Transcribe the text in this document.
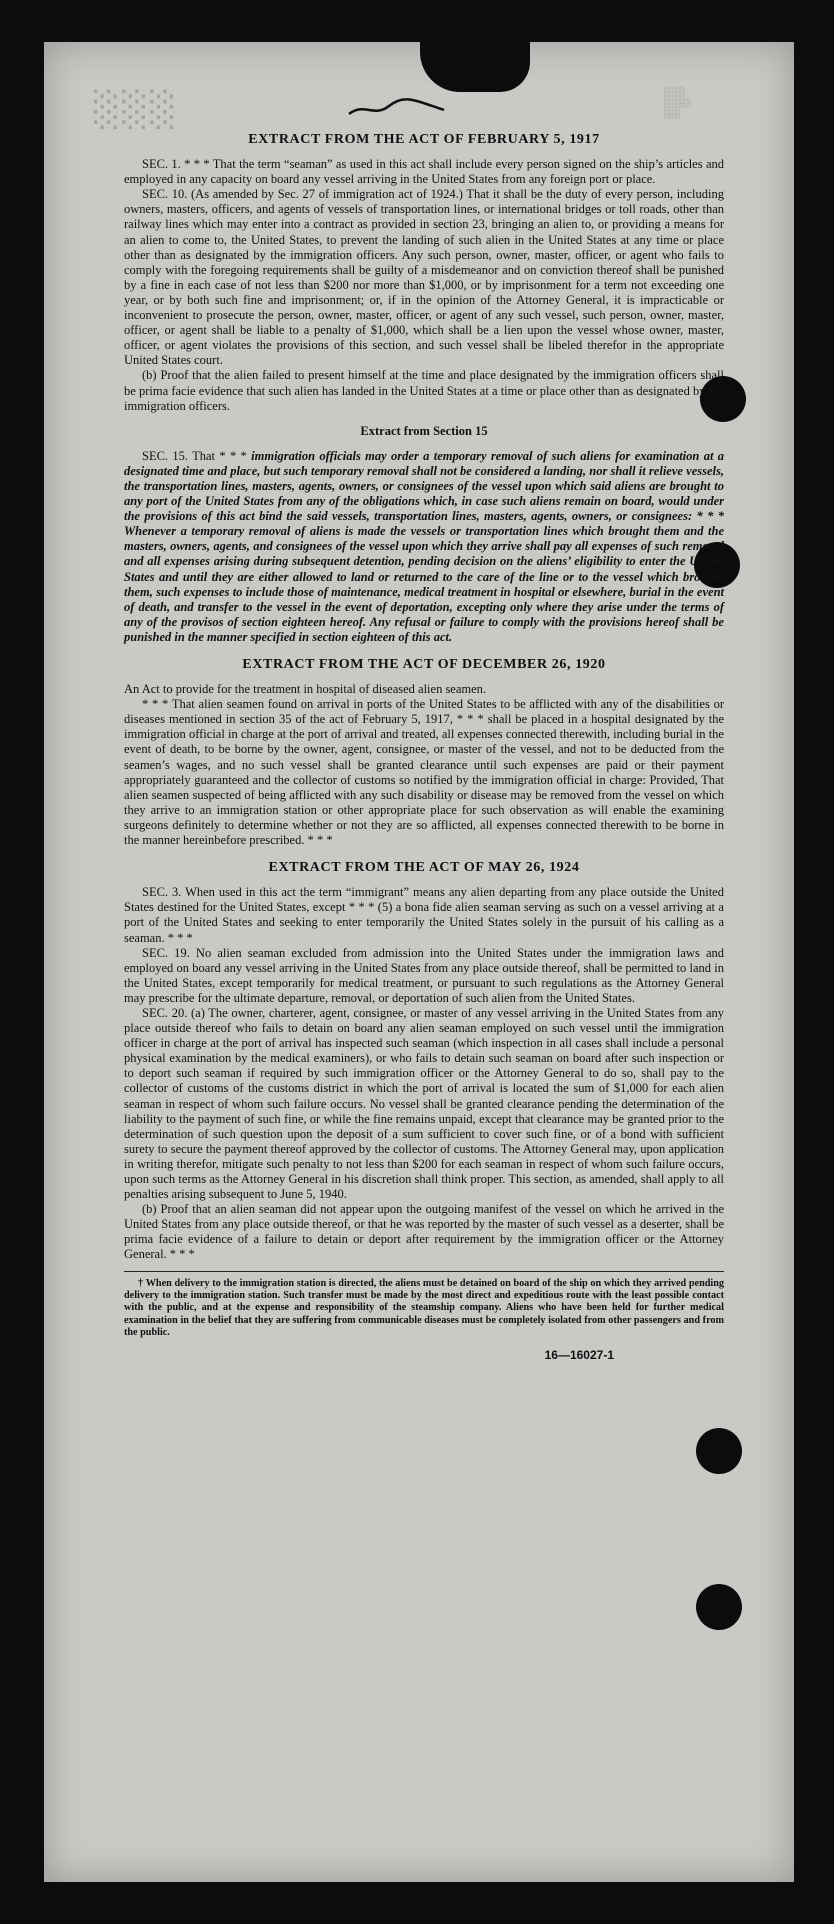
░░░	░░░░
░░░░░
░░░
EXTRACT FROM THE ACT OF FEBRUARY 5, 1917

SEC. 1. * * * That the term “seaman” as used in this act shall include every person signed on the ship’s articles and employed in any capacity on board any vessel arriving in the United States from any foreign port or place.

SEC. 10. (As amended by Sec. 27 of immigration act of 1924.) That it shall be the duty of every person, including owners, masters, officers, and agents of vessels of transportation lines, or international bridges or toll roads, other than railway lines which may enter into a contract as provided in section 23, bringing an alien to, or providing a means for an alien to come to, the United States, to prevent the landing of such alien in the United States at any time or place other than as designated by the immigration officers. Any such person, owner, master, officer, or agent who fails to comply with the foregoing requirements shall be guilty of a misdemeanor and on conviction thereof shall be punished by a fine in each case of not less than $200 nor more than $1,000, or by imprisonment for a term not exceeding one year, or by both such fine and imprisonment; or, if in the opinion of the Attorney General, it is impracticable or inconvenient to prosecute the person, owner, master, officer, or agent of any such vessel, such person, owner, master, officer, or agent shall be liable to a penalty of $1,000, which shall be a lien upon the vessel whose owner, master, officer, or agent violates the provisions of this section, and such vessel shall be libeled therefor in the appropriate United States court.

(b) Proof that the alien failed to present himself at the time and place designated by the immigration officers shall be prima facie evidence that such alien has landed in the United States at a time or place other than as designated by the immigration officers.

Extract from Section 15

SEC. 15. That * * * immigration officials may order a temporary removal of such aliens for examination at a designated time and place, but such temporary removal shall not be considered a landing, nor shall it relieve vessels, the transportation lines, masters, agents, owners, or consignees of the vessel upon which said aliens are brought to any port of the United States from any of the obligations which, in case such aliens remain on board, would under the provisions of this act bind the said vessels, transportation lines, masters, agents, owners, or consignees: * * * Whenever a temporary removal of aliens is made the vessels or transportation lines which brought them and the masters, owners, agents, and consignees of the vessel upon which they arrive shall pay all expenses of such removal and all expenses arising during subsequent detention, pending decision on the aliens’ eligibility to enter the United States and until they are either allowed to land or returned to the care of the line or to the vessel which brought them, such expenses to include those of maintenance, medical treatment in hospital or elsewhere, burial in the event of death, and transfer to the vessel in the event of deportation, excepting only where they arise under the terms of any of the provisos of section eighteen hereof. Any refusal or failure to comply with the provisions hereof shall be punished in the manner specified in section eighteen of this act.

EXTRACT FROM THE ACT OF DECEMBER 26, 1920

An Act to provide for the treatment in hospital of diseased alien seamen.

* * * That alien seamen found on arrival in ports of the United States to be afflicted with any of the disabilities or diseases mentioned in section 35 of the act of February 5, 1917, * * * shall be placed in a hospital designated by the immigration official in charge at the port of arrival and treated, all expenses connected therewith, including burial in the event of death, to be borne by the owner, agent, consignee, or master of the vessel, and not to be deducted from the seamen’s wages, and no such vessel shall be granted clearance until such expenses are paid or their payment appropriately guaranteed and the collector of customs so notified by the immigration official in charge: Provided, That alien seamen suspected of being afflicted with any such disability or disease may be removed from the vessel on which they arrive to an immigration station or other appropriate place for such observation as will enable the examining surgeons definitely to determine whether or not they are so afflicted, all expenses connected therewith to be borne in the manner hereinbefore prescribed. * * *

EXTRACT FROM THE ACT OF MAY 26, 1924

SEC. 3. When used in this act the term “immigrant” means any alien departing from any place outside the United States destined for the United States, except * * * (5) a bona fide alien seaman serving as such on a vessel arriving at a port of the United States and seeking to enter temporarily the United States solely in the pursuit of his calling as a seaman. * * *

SEC. 19. No alien seaman excluded from admission into the United States under the immigration laws and employed on board any vessel arriving in the United States from any place outside thereof, shall be permitted to land in the United States, except temporarily for medical treatment, or pursuant to such regulations as the Attorney General may prescribe for the ultimate departure, removal, or deportation of such alien from the United States.

SEC. 20. (a) The owner, charterer, agent, consignee, or master of any vessel arriving in the United States from any place outside thereof who fails to detain on board any alien seaman employed on such vessel until the immigration officer in charge at the port of arrival has inspected such seaman (which inspection in all cases shall include a personal physical examination by the medical examiners), or who fails to detain such seaman on board after such inspection or to deport such seaman if required by such immigration officer or the Attorney General to do so, shall pay to the collector of customs of the customs district in which the port of arrival is located the sum of $1,000 for each alien seaman in respect of whom such failure occurs. No vessel shall be granted clearance pending the determination of the liability to the payment of such fine, or while the fine remains unpaid, except that clearance may be granted prior to the determination of such question upon the deposit of a sum sufficient to cover such fine, or of a bond with sufficient surety to secure the payment thereof approved by the collector of customs. The Attorney General may, upon application in writing therefor, mitigate such penalty to not less than $200 for each seaman in respect of whom such failure occurs, upon such terms as the Attorney General in his discretion shall think proper. This section, as amended, shall apply to all penalties arising subsequent to June 5, 1940.

(b) Proof that an alien seaman did not appear upon the outgoing manifest of the vessel on which he arrived in the United States from any place outside thereof, or that he was reported by the master of such vessel as a deserter, shall be prima facie evidence of a failure to detain or deport after requirement by the immigration officer or the Attorney General. * * *

† When delivery to the immigration station is directed, the aliens must be detained on board of the ship on which they arrived pending delivery to the immigration station. Such transfer must be made by the most direct and expeditious route with the least possible contact with the public, and at the expense and responsibility of the steamship company. Aliens who have been held for further medical examination in the belief that they are suffering from communicable diseases must be completely isolated from other passengers and from the public.

16—16027-1
